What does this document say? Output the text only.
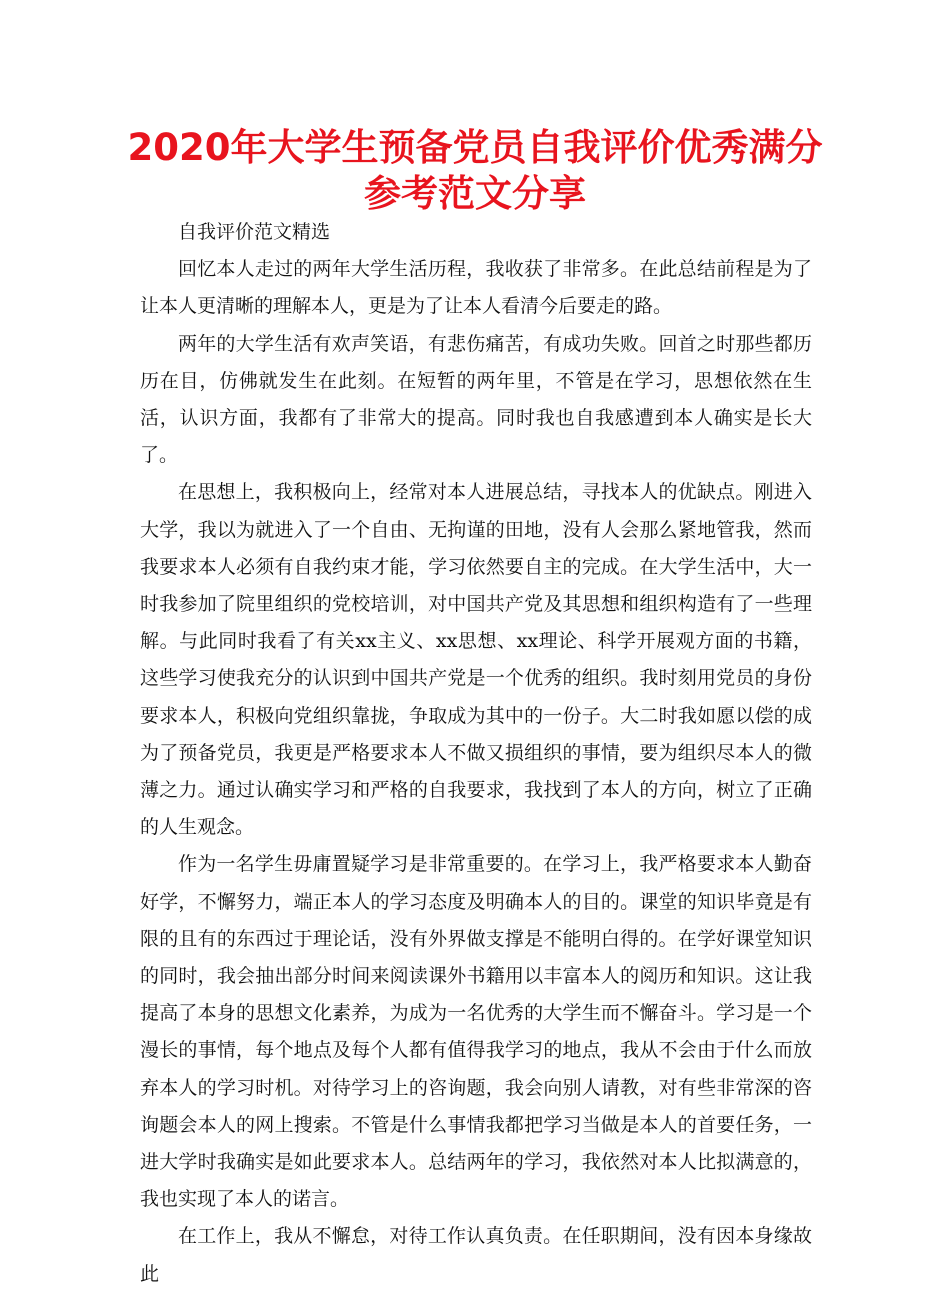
2020年大学生预备党员自我评价优秀满分
参考范文分享

自我评价范文精选

回忆本人走过的两年大学生活历程，我收获了非常多。在此总结前程是为了让本人更清晰的理解本人，更是为了让本人看清今后要走的路。

两年的大学生活有欢声笑语，有悲伤痛苦，有成功失败。回首之时那些都历历在目，仿佛就发生在此刻。在短暂的两年里，不管是在学习，思想依然在生活，认识方面，我都有了非常大的提高。同时我也自我感遭到本人确实是长大了。

在思想上，我积极向上，经常对本人进展总结，寻找本人的优缺点。刚进入大学，我以为就进入了一个自由、无拘谨的田地，没有人会那么紧地管我，然而我要求本人必须有自我约束才能，学习依然要自主的完成。在大学生活中，大一时我参加了院里组织的党校培训，对中国共产党及其思想和组织构造有了一些理解。与此同时我看了有关xx主义、xx思想、xx理论、科学开展观方面的书籍，这些学习使我充分的认识到中国共产党是一个优秀的组织。我时刻用党员的身份要求本人，积极向党组织靠拢，争取成为其中的一份子。大二时我如愿以偿的成为了预备党员，我更是严格要求本人不做又损组织的事情，要为组织尽本人的微薄之力。通过认确实学习和严格的自我要求，我找到了本人的方向，树立了正确的人生观念。

作为一名学生毋庸置疑学习是非常重要的。在学习上，我严格要求本人勤奋好学，不懈努力，端正本人的学习态度及明确本人的目的。课堂的知识毕竟是有限的且有的东西过于理论话，没有外界做支撑是不能明白得的。在学好课堂知识的同时，我会抽出部分时间来阅读课外书籍用以丰富本人的阅历和知识。这让我提高了本身的思想文化素养，为成为一名优秀的大学生而不懈奋斗。学习是一个漫长的事情，每个地点及每个人都有值得我学习的地点，我从不会由于什么而放弃本人的学习时机。对待学习上的咨询题，我会向别人请教，对有些非常深的咨询题会本人的网上搜索。不管是什么事情我都把学习当做是本人的首要任务，一进大学时我确实是如此要求本人。总结两年的学习，我依然对本人比拟满意的，我也实现了本人的诺言。

在工作上，我从不懈怠，对待工作认真负责。在任职期间，没有因本身缘故此
